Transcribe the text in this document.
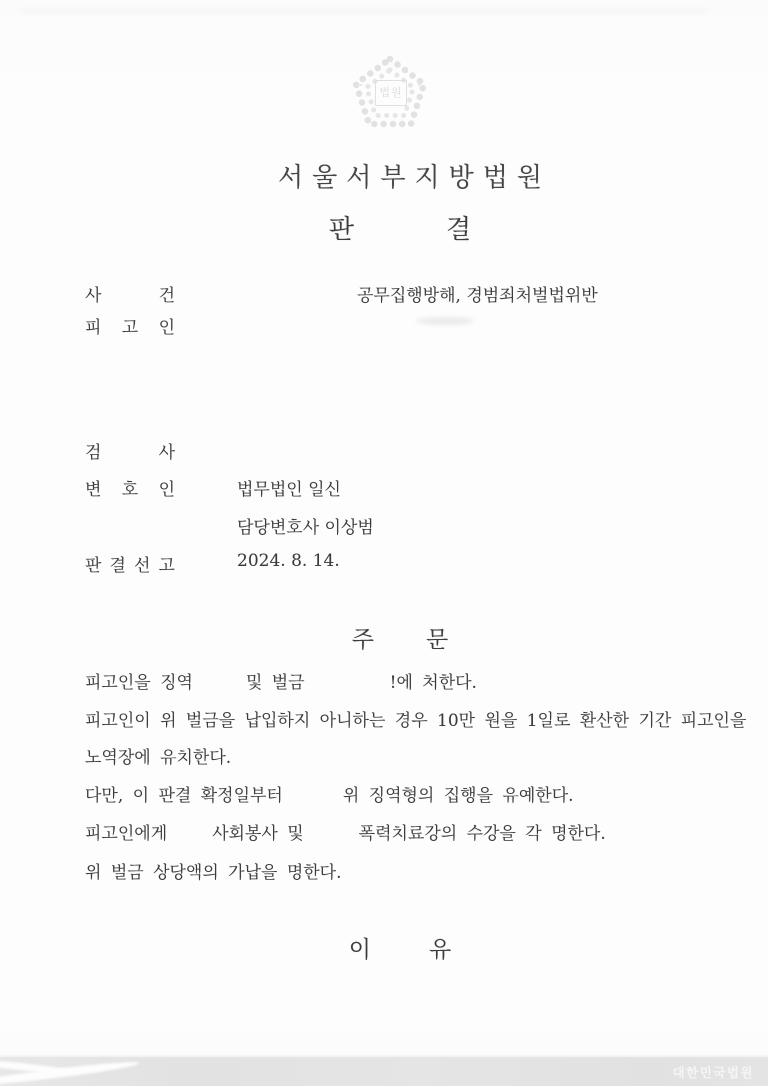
법원
서울서부지방법원
판	결
사	건	공무집행방해, 경범죄처벌법위반
피 고 인
검	사
변 호 인	법무법인 일신
담당변호사 이상범
판 결 선 고	2024. 8. 14.
주 문
피고인을 징역	및 벌금	!에 처한다.
피고인이 위 벌금을 납입하지 아니하는 경우 10만 원을 1일로 환산한 기간 피고인을
노역장에 유치한다.
다만, 이 판결 확정일부터	위 징역형의 집행을 유예한다.
피고인에게	사회봉사 및	폭력치료강의 수강을 각 명한다.
위 벌금 상당액의 가납을 명한다.
이	유
대한민국법원
